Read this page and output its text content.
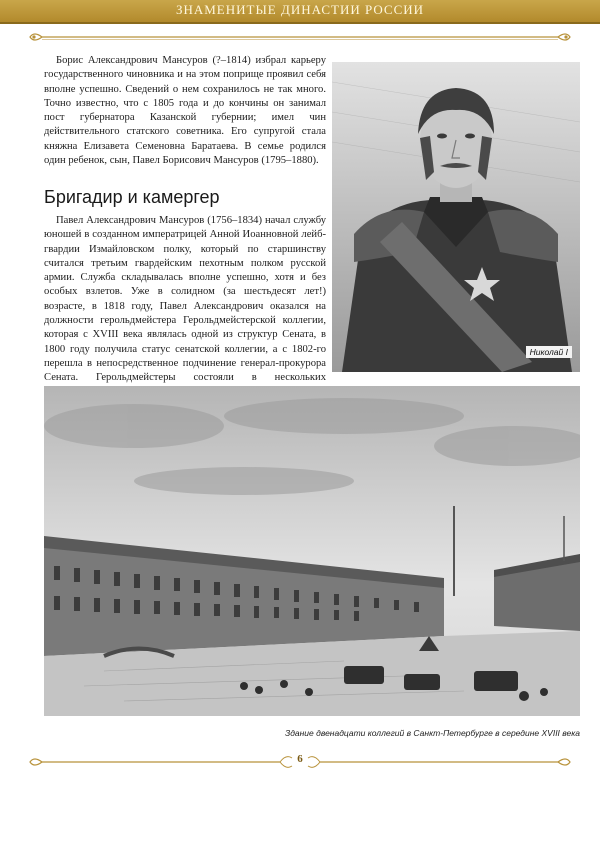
ЗНАМЕНИТЫЕ ДИНАСТИИ РОССИИ
Борис Александрович Мансуров (?–1814) избрал карьеру государственного чиновника и на этом поприще проявил себя вполне успешно. Сведений о нем сохранилось не так много. Точно известно, что с 1805 года и до кончины он занимал пост губернатора Казанской губернии; имел чин действительного статского советника. Его супругой стала княжна Елизавета Семеновна Баратаева. В семье родился один ребенок, сын, Павел Борисович Мансуров (1795–1880).
Бригадир и камергер
Павел Александрович Мансуров (1756–1834) начал службу юношей в созданном императрицей Анной Иоанновной лейб-гвардии Измайловском полку, который по старшинству считался третьим гвардейским пехотным полком русской армии. Служба складывалась вполне успешно, хотя и без особых взлетов. Уже в солидном (за шестьдесят лет!) возрасте, в 1818 году, Павел Александрович оказался на должности герольдмейстера Герольдмейстерской коллегии, которая с XVIII века являлась одной из структур Сената, в 1800 году получила статус сенатской коллегии, а с 1802-го перешла в непосредственное подчинение генерал-прокурора Сената. Герольдмейстеры состояли в нескольких
Николай I
Здание двенадцати коллегий в Санкт-Петербурге в середине XVIII века
6
